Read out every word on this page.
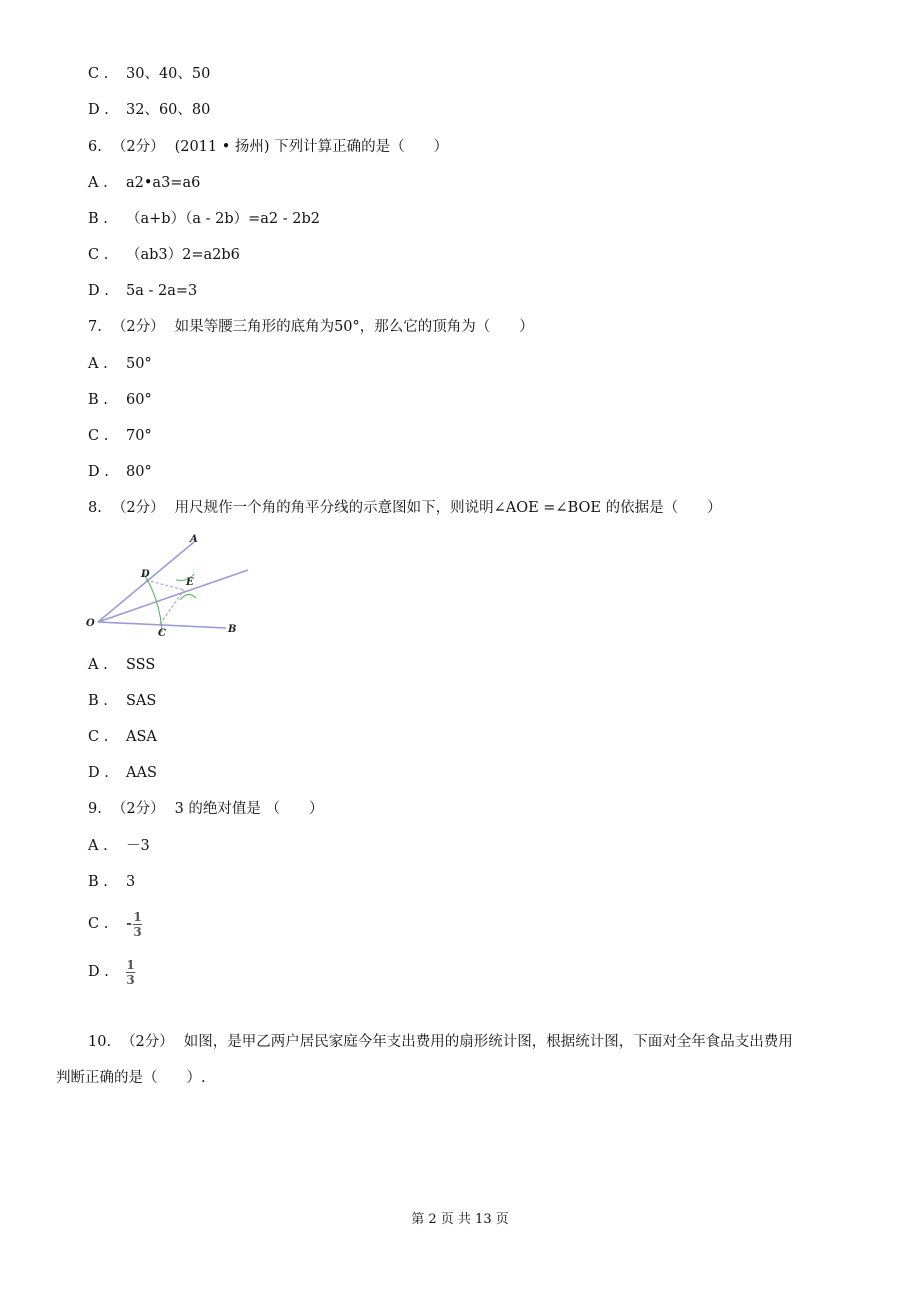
C . 30、40、50
D . 32、60、80
6. （2分） (2011 • 扬州) 下列计算正确的是（　　）
A . a2•a3=a6
B . （a+b）（a - 2b）=a2 - 2b2
C . （ab3）2=a2b6
D . 5a - 2a=3
7. （2分） 如果等腰三角形的底角为50°，那么它的顶角为（　　）
A . 50°
B . 60°
C . 70°
D . 80°
8. （2分） 用尺规作一个角的角平分线的示意图如下，则说明∠AOE =∠BOE 的依据是（　　）
A
B
O
C
D
E
A . SSS
B . SAS
C . ASA
D . AAS
9. （2分） 3 的绝对值是 （　　）
A . －3
B . 3
C . - $\frac{1}{3}$
D . $\frac{1}{3}$
10. （2分） 如图，是甲乙两户居民家庭今年支出费用的扇形统计图，根据统计图，下面对全年食品支出费用
判断正确的是（　　）.
第 2 页 共 13 页
